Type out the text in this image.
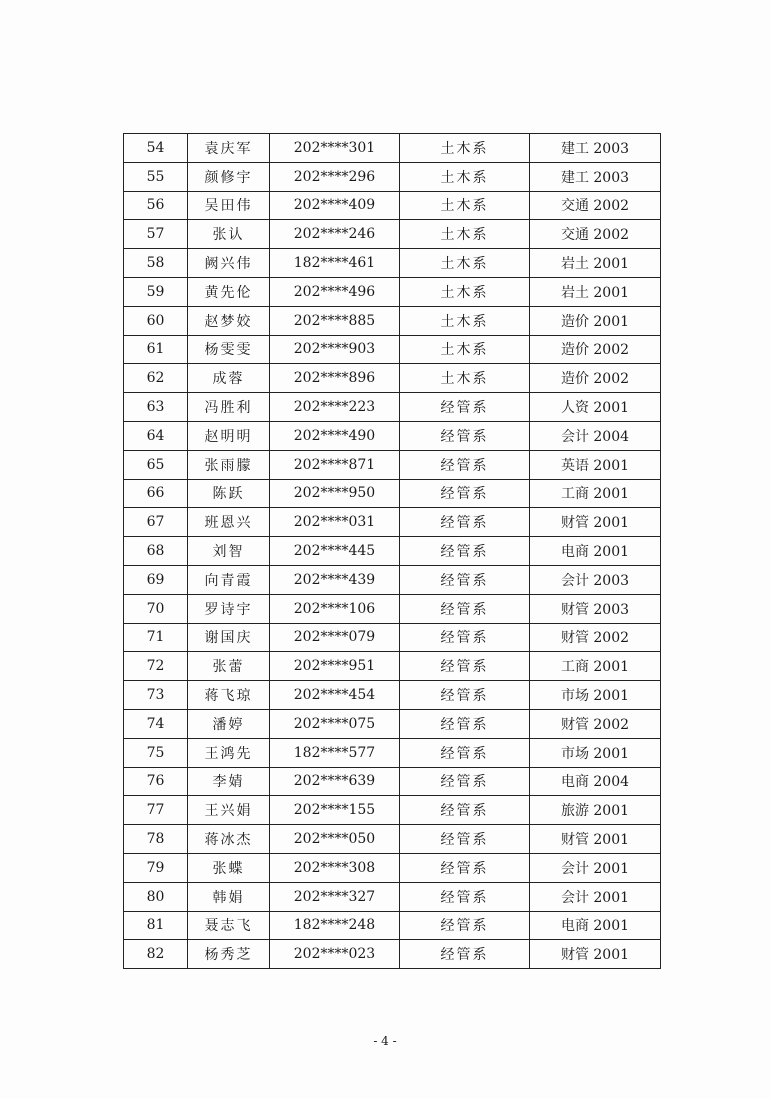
54	袁庆军	202****301	土木系	建工 2003
55	颜修宇	202****296	土木系	建工 2003
56	吴田伟	202****409	土木系	交通 2002
57	张认	202****246	土木系	交通 2002
58	阙兴伟	182****461	土木系	岩土 2001
59	黄先伦	202****496	土木系	岩土 2001
60	赵梦姣	202****885	土木系	造价 2001
61	杨雯雯	202****903	土木系	造价 2002
62	成蓉	202****896	土木系	造价 2002
63	冯胜利	202****223	经管系	人资 2001
64	赵明明	202****490	经管系	会计 2004
65	张雨朦	202****871	经管系	英语 2001
66	陈跃	202****950	经管系	工商 2001
67	班恩兴	202****031	经管系	财管 2001
68	刘智	202****445	经管系	电商 2001
69	向青霞	202****439	经管系	会计 2003
70	罗诗宇	202****106	经管系	财管 2003
71	谢国庆	202****079	经管系	财管 2002
72	张蕾	202****951	经管系	工商 2001
73	蒋飞琼	202****454	经管系	市场 2001
74	潘婷	202****075	经管系	财管 2002
75	王鸿先	182****577	经管系	市场 2001
76	李婧	202****639	经管系	电商 2004
77	王兴娟	202****155	经管系	旅游 2001
78	蒋冰杰	202****050	经管系	财管 2001
79	张蝶	202****308	经管系	会计 2001
80	韩娟	202****327	经管系	会计 2001
81	聂志飞	182****248	经管系	电商 2001
82	杨秀芝	202****023	经管系	财管 2001
- 4 -
